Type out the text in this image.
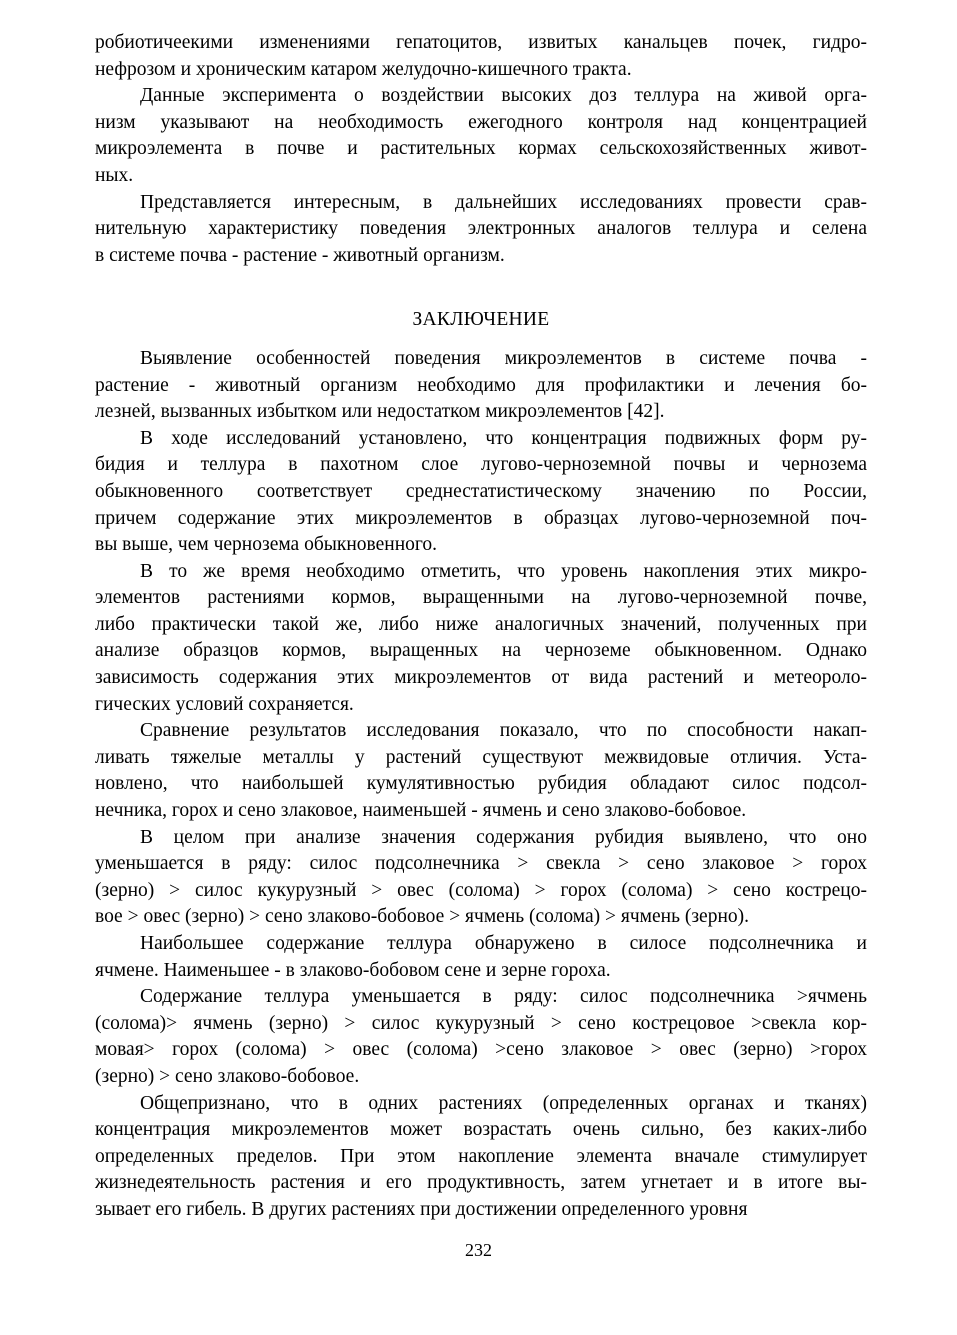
робиотичеекими изменениями гепатоцитов, извитых канальцев почек, гидро-
нефрозом и хроническим катаром желудочно-кишечного тракта.
Данные эксперимента о воздействии высоких доз теллура на живой орга-
низм указывают на необходимость ежегодного контроля над концентрацией
микроэлемента в почве и растительных кормах сельскохозяйственных живот-
ных.
Представляется интересным, в дальнейших исследованиях провести срав-
нительную характеристику поведения электронных аналогов теллура и селена
в системе почва - растение - животный организм.
ЗАКЛЮЧЕНИЕ
Выявление особенностей поведения микроэлементов в системе почва -
растение - животный организм необходимо для профилактики и лечения бо-
лезней, вызванных избытком или недостатком микроэлементов [42].
В ходе исследований установлено, что концентрация подвижных форм ру-
бидия и теллура в пахотном слое лугово-черноземной почвы и чернозема
обыкновенного соответствует среднестатистическому значению по России,
причем содержание этих микроэлементов в образцах лугово-черноземной поч-
вы выше, чем чернозема обыкновенного.
В то же время необходимо отметить, что уровень накопления этих микро-
элементов растениями кормов, выращенными на лугово-черноземной почве,
либо практически такой же, либо ниже аналогичных значений, полученных при
анализе образцов кормов, выращенных на черноземе обыкновенном. Однако
зависимость содержания этих микроэлементов от вида растений и метеороло-
гических условий сохраняется.
Сравнение результатов исследования показало, что по способности накап-
ливать тяжелые металлы у растений существуют межвидовые отличия. Уста-
новлено, что наибольшей кумулятивностью рубидия обладают силос подсол-
нечника, горох и сено злаковое, наименьшей - ячмень и сено злаково-бобовое.
В целом при анализе значения содержания рубидия выявлено, что оно
уменьшается в ряду: силос подсолнечника > свекла > сено злаковое > горох
(зерно) > силос кукурузный > овес (солома) > горох (солома) > сено кострецо-
вое > овес (зерно) > сено злаково-бобовое > ячмень (солома) > ячмень (зерно).
Наибольшее содержание теллура обнаружено в силосе подсолнечника и
ячмене. Наименьшее - в злаково-бобовом сене и зерне гороха.
Содержание теллура уменьшается в ряду: силос подсолнечника >ячмень
(солома)> ячмень (зерно) > силос кукурузный > сено кострецовое >свекла кор-
мовая> горох (солома) > овес (солома) >сено злаковое > овес (зерно) >горох
(зерно) > сено злаково-бобовое.
Общепризнано, что в одних растениях (определенных органах и тканях)
концентрация микроэлементов может возрастать очень сильно, без каких-либо
определенных пределов. При этом накопление элемента вначале стимулирует
жизнедеятельность растения и его продуктивность, затем угнетает и в итоге вы-
зывает его гибель. В других растениях при достижении определенного уровня
232
